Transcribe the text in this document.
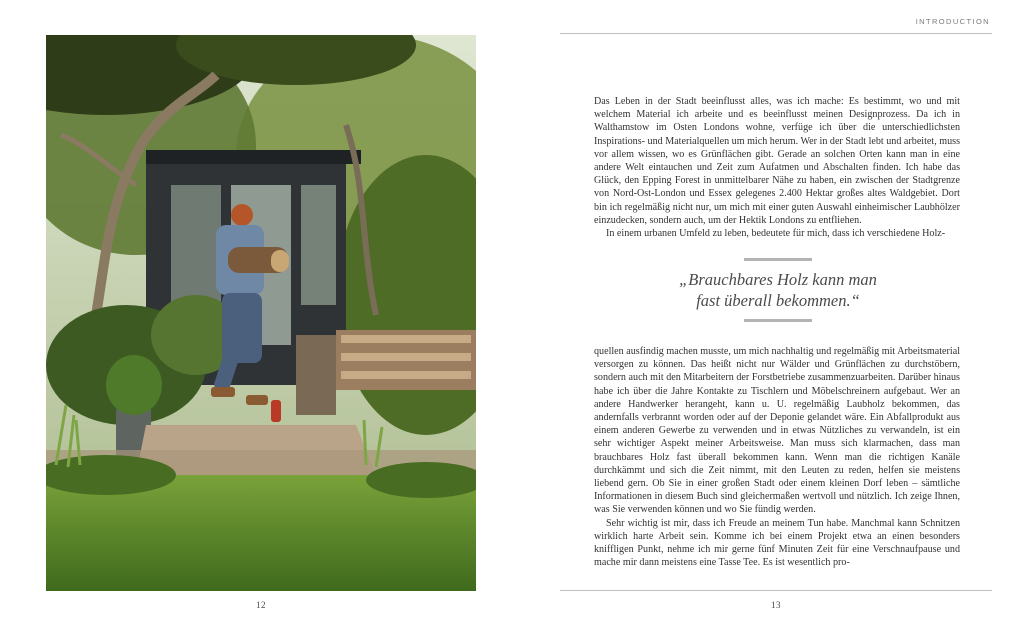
12
INTRODUCTION

Das Leben in der Stadt beeinflusst alles, was ich mache: Es bestimmt, wo und mit welchem Material ich arbeite und es beeinflusst meinen Designprozess. Da ich in Walthamstow im Osten Londons wohne, verfüge ich über die unterschiedlichsten Inspirations- und Materialquellen um mich herum. Wer in der Stadt lebt und arbeitet, muss vor allem wissen, wo es Grünflächen gibt. Gerade an solchen Orten kann man in eine andere Welt eintauchen und Zeit zum Aufatmen und Abschalten finden. Ich habe das Glück, den Epping Forest in unmittelbarer Nähe zu haben, ein zwischen der Stadtgrenze von Nord-Ost-London und Essex gelegenes 2.400 Hektar großes altes Waldgebiet. Dort bin ich regelmäßig nicht nur, um mich mit einer guten Auswahl einheimischer Laubhölzer einzudecken, sondern auch, um der Hektik Londons zu entfliehen.

In einem urbanen Umfeld zu leben, bedeutete für mich, dass ich verschiedene Holz-

„Brauchbares Holz kann man
fast überall bekommen.“

quellen ausfindig machen musste, um mich nachhaltig und regelmäßig mit Arbeitsmaterial versorgen zu können. Das heißt nicht nur Wälder und Grünflächen zu durchstöbern, sondern auch mit den Mitarbeitern der Forstbetriebe zusammenzuarbeiten. Darüber hinaus habe ich über die Jahre Kontakte zu Tischlern und Möbelschreinern aufgebaut. Wer an andere Handwerker herangeht, kann u. U. regelmäßig Laubholz bekommen, das andernfalls verbrannt worden oder auf der Deponie gelandet wäre. Ein Abfallprodukt aus einem anderen Gewerbe zu verwenden und in etwas Nützliches zu verwandeln, ist ein sehr wichtiger Aspekt meiner Arbeitsweise. Man muss sich klarmachen, dass man brauchbares Holz fast überall bekommen kann. Wenn man die richtigen Kanäle durchkämmt und sich die Zeit nimmt, mit den Leuten zu reden, helfen sie meistens liebend gern. Ob Sie in einer großen Stadt oder einem kleinen Dorf leben – sämtliche Informationen in diesem Buch sind gleichermaßen wertvoll und nützlich. Ich zeige Ihnen, was Sie verwenden können und wo Sie fündig werden.

Sehr wichtig ist mir, dass ich Freude an meinem Tun habe. Manchmal kann Schnitzen wirklich harte Arbeit sein. Komme ich bei einem Projekt etwa an einen besonders kniffligen Punkt, nehme ich mir gerne fünf Minuten Zeit für eine Verschnaufpause und mache mir dann meistens eine Tasse Tee. Es ist wesentlich pro-

13
